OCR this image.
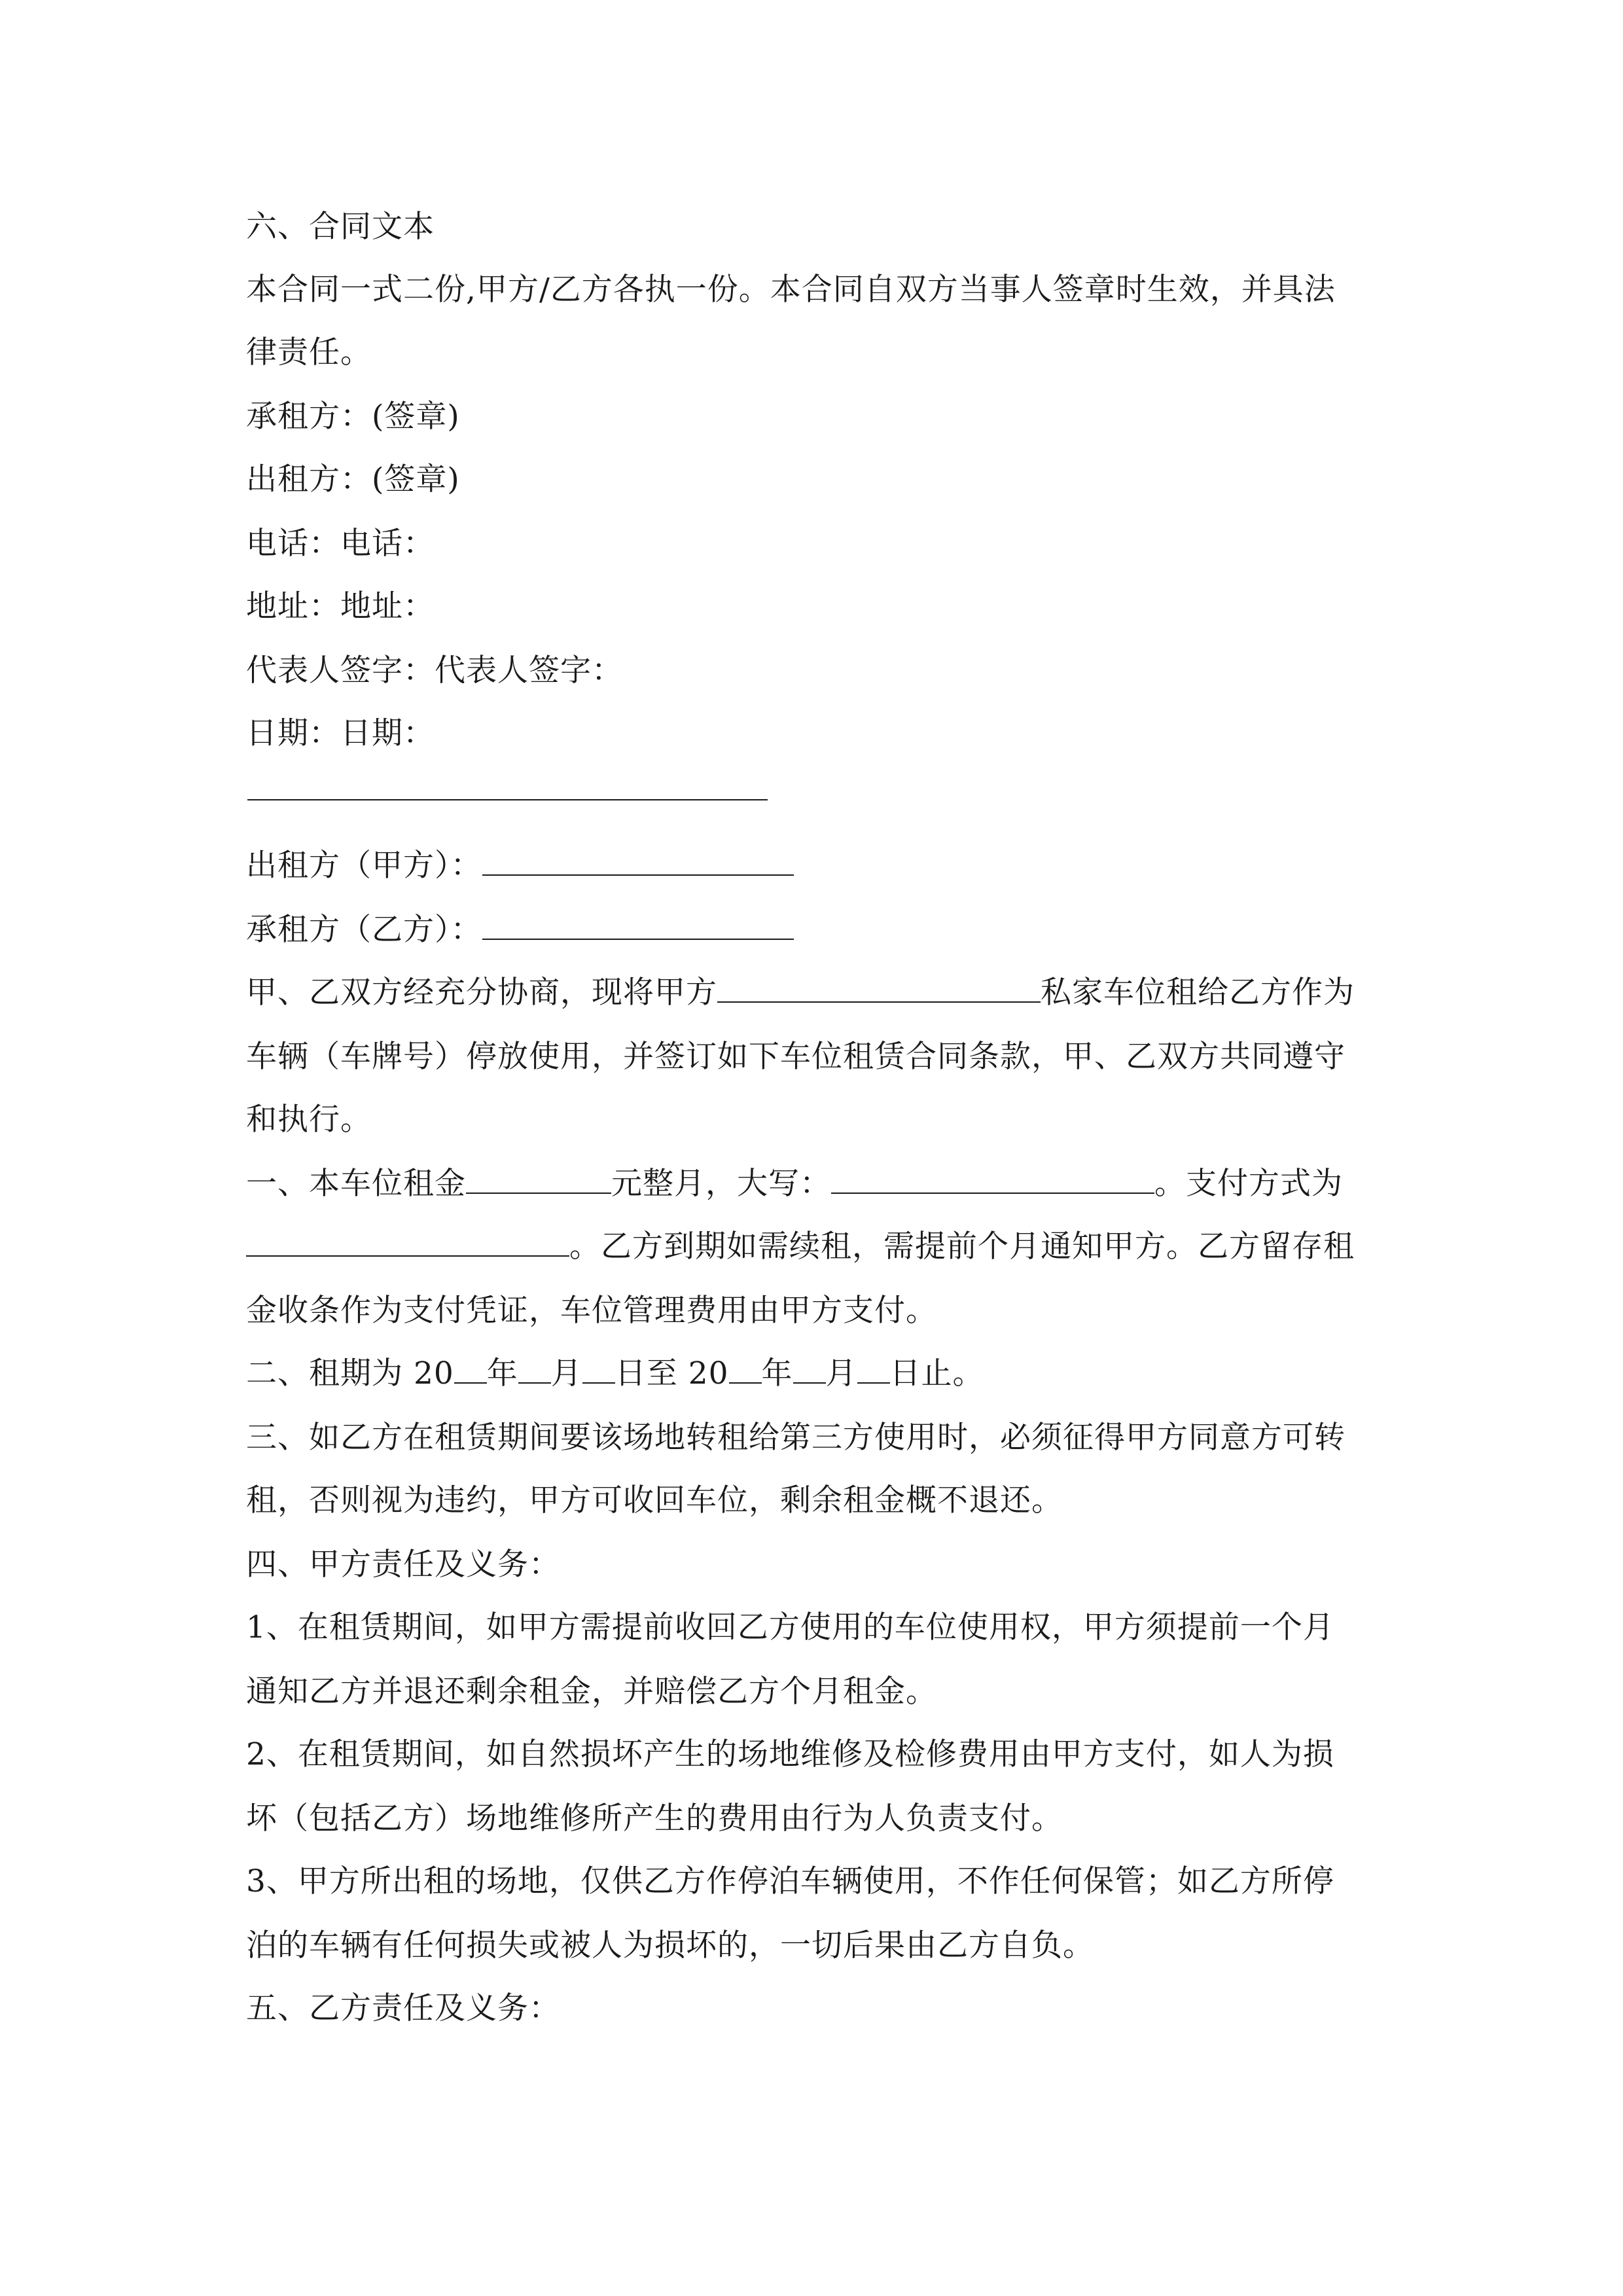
六、合同文本
本合同一式二份,甲方/乙方各执一份。本合同自双方当事人签章时生效，并具法
律责任。
承租方：(签章)
出租方：(签章)
电话：电话：
地址：地址：
代表人签字：代表人签字：
日期：日期：
出租方（甲方）：
承租方（乙方）：
甲、乙双方经充分协商，现将甲方	私家车位租给乙方作为
车辆（车牌号）停放使用，并签订如下车位租赁合同条款，甲、乙双方共同遵守
和执行。
一、本车位租金	元整月，大写：	。支付方式为
。乙方到期如需续租，需提前个月通知甲方。乙方留存租
金收条作为支付凭证，车位管理费用由甲方支付。
二、租期为 20 年 月 日至 20 年 月 日止。
三、如乙方在租赁期间要该场地转租给第三方使用时，必须征得甲方同意方可转
租，否则视为违约，甲方可收回车位，剩余租金概不退还。
四、甲方责任及义务：
1、在租赁期间，如甲方需提前收回乙方使用的车位使用权，甲方须提前一个月
通知乙方并退还剩余租金，并赔偿乙方个月租金。
2、在租赁期间，如自然损坏产生的场地维修及检修费用由甲方支付，如人为损
坏（包括乙方）场地维修所产生的费用由行为人负责支付。
3、甲方所出租的场地，仅供乙方作停泊车辆使用，不作任何保管；如乙方所停
泊的车辆有任何损失或被人为损坏的，一切后果由乙方自负。
五、乙方责任及义务：
